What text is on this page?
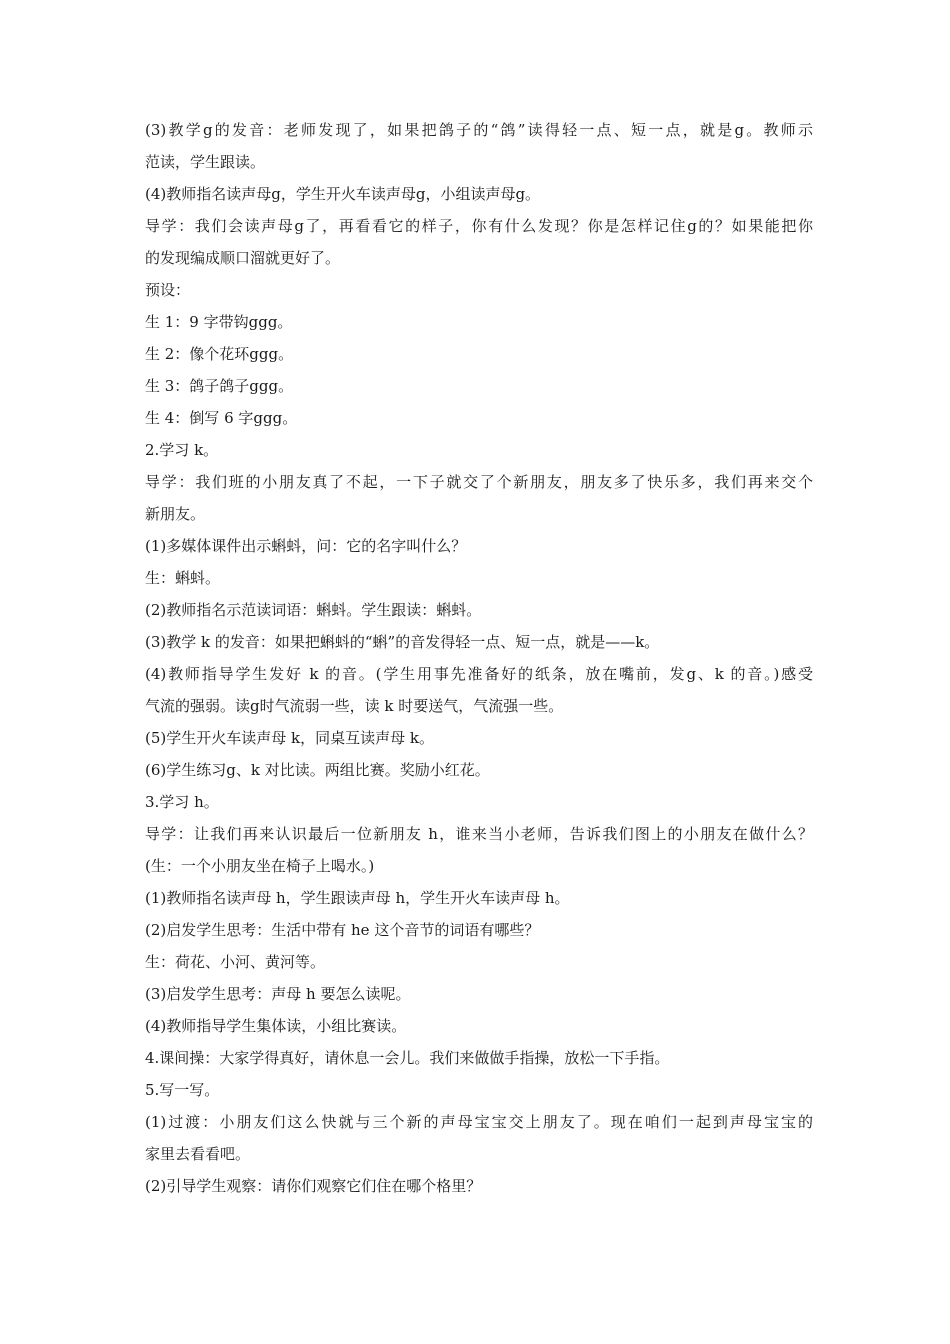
(3)教学g的发音：老师发现了，如果把鸽子的“鸽”读得轻一点、短一点，就是g。教师示

范读，学生跟读。

(4)教师指名读声母g，学生开火车读声母g，小组读声母g。

导学：我们会读声母g了，再看看它的样子，你有什么发现？你是怎样记住g的？如果能把你

的发现编成顺口溜就更好了。

预设：

生 1：9 字带钩ggg。

生 2：像个花环ggg。

生 3：鸽子鸽子ggg。

生 4：倒写 6 字ggg。

2.学习 k。

导学：我们班的小朋友真了不起，一下子就交了个新朋友，朋友多了快乐多，我们再来交个

新朋友。

(1)多媒体课件出示蝌蚪，问：它的名字叫什么？

生：蝌蚪。

(2)教师指名示范读词语：蝌蚪。学生跟读：蝌蚪。

(3)教学 k 的发音：如果把蝌蚪的“蝌”的音发得轻一点、短一点，就是——k。

(4)教师指导学生发好 k 的音。(学生用事先准备好的纸条，放在嘴前，发g、k 的音。)感受

气流的强弱。读g时气流弱一些，读 k 时要送气，气流强一些。

(5)学生开火车读声母 k，同桌互读声母 k。

(6)学生练习g、k 对比读。两组比赛。奖励小红花。

3.学习 h。

导学：让我们再来认识最后一位新朋友 h，谁来当小老师，告诉我们图上的小朋友在做什么？

(生：一个小朋友坐在椅子上喝水。)

(1)教师指名读声母 h，学生跟读声母 h，学生开火车读声母 h。

(2)启发学生思考：生活中带有 he 这个音节的词语有哪些？

生：荷花、小河、黄河等。

(3)启发学生思考：声母 h 要怎么读呢。

(4)教师指导学生集体读，小组比赛读。

4.课间操：大家学得真好，请休息一会儿。我们来做做手指操，放松一下手指。

5.写一写。

(1)过渡：小朋友们这么快就与三个新的声母宝宝交上朋友了。现在咱们一起到声母宝宝的

家里去看看吧。

(2)引导学生观察：请你们观察它们住在哪个格里？
